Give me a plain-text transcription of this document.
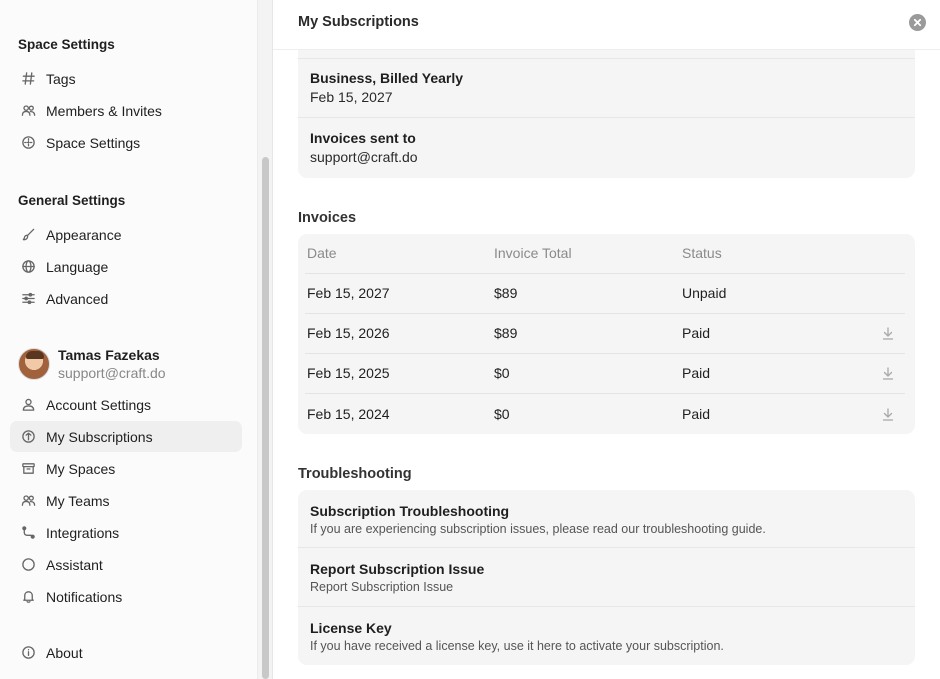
Space Settings
Tags
Members & Invites
Space Settings
General Settings
Appearance
Language
Advanced
Tamas Fazekas
support@craft.do
Account Settings
My Subscriptions
My Spaces
My Teams
Integrations
Assistant
Notifications
About
Business, Billed Yearly
Feb 15, 2027
Invoices sent to
support@craft.do
My Subscriptions
Invoices
Date	Invoice Total	Status
Feb 15, 2027	$89	Unpaid
Feb 15, 2026	$89	Paid
Feb 15, 2025	$0	Paid
Feb 15, 2024	$0	Paid
Troubleshooting
Subscription Troubleshooting
If you are experiencing subscription issues, please read our troubleshooting guide.
Report Subscription Issue
Report Subscription Issue
License Key
If you have received a license key, use it here to activate your subscription.
